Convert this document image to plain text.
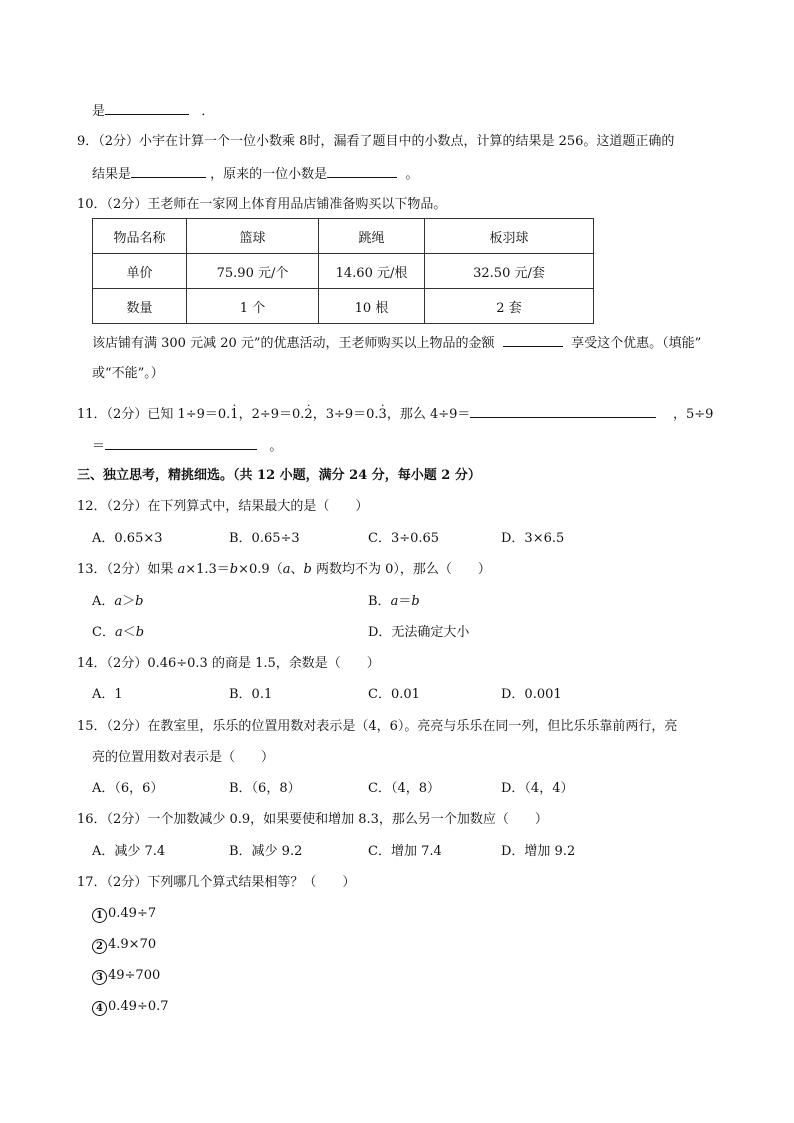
是	．
9．（2分）小宇在计算一个一位小数乘 8时，漏看了题目中的小数点，计算的结果是 256。这道题正确的
结果是	，原来的一位小数是	。
10．（2分）王老师在一家网上体育用品店铺准备购买以下物品。
物品名称	篮球	跳绳	板羽球
单价	75.90 元/个	14.60 元/根	32.50 元/套
数量	1 个	10 根	2 套
该店铺有满 300 元减 20 元”的优惠活动，王老师购买以上物品的金额	享受这个优惠。（填能”
或“不能”。）
11．（2分）已知 1÷9＝0.· 1，2÷9＝0.· 2，3÷9＝0.· 3，那么 4÷9＝	，5÷9
＝	。
三、独立思考，精挑细选。（共 12 小题，满分 24 分，每小题 2 分）
12．（2分）在下列算式中，结果最大的是（　　）
A．0.65×3	B．0.65÷3	C．3÷0.65	D．3×6.5
13．（2分）如果 a×1.3＝b×0.9（a、b 两数均不为 0），那么（　　）
A．a＞b	B．a＝b
C．a＜b	D．无法确定大小
14．（2分）0.46÷0.3 的商是 1.5，余数是（　　）
A．1	B．0.1	C．0.01	D．0.001
15．（2分）在教室里，乐乐的位置用数对表示是（4，6）。亮亮与乐乐在同一列，但比乐乐靠前两行，亮
亮的位置用数对表示是（　　）
A．（6，6）	B．（6，8）	C．（4，8）	D．（4，4）
16．（2分）一个加数减少 0.9，如果要使和增加 8.3，那么另一个加数应（　　）
A．减少 7.4	B．减少 9.2	C．增加 7.4	D．增加 9.2
17．（2分）下列哪几个算式结果相等？（　　）
1 0.49÷7
2 4.9×70
3 49÷700
4 0.49÷0.7
